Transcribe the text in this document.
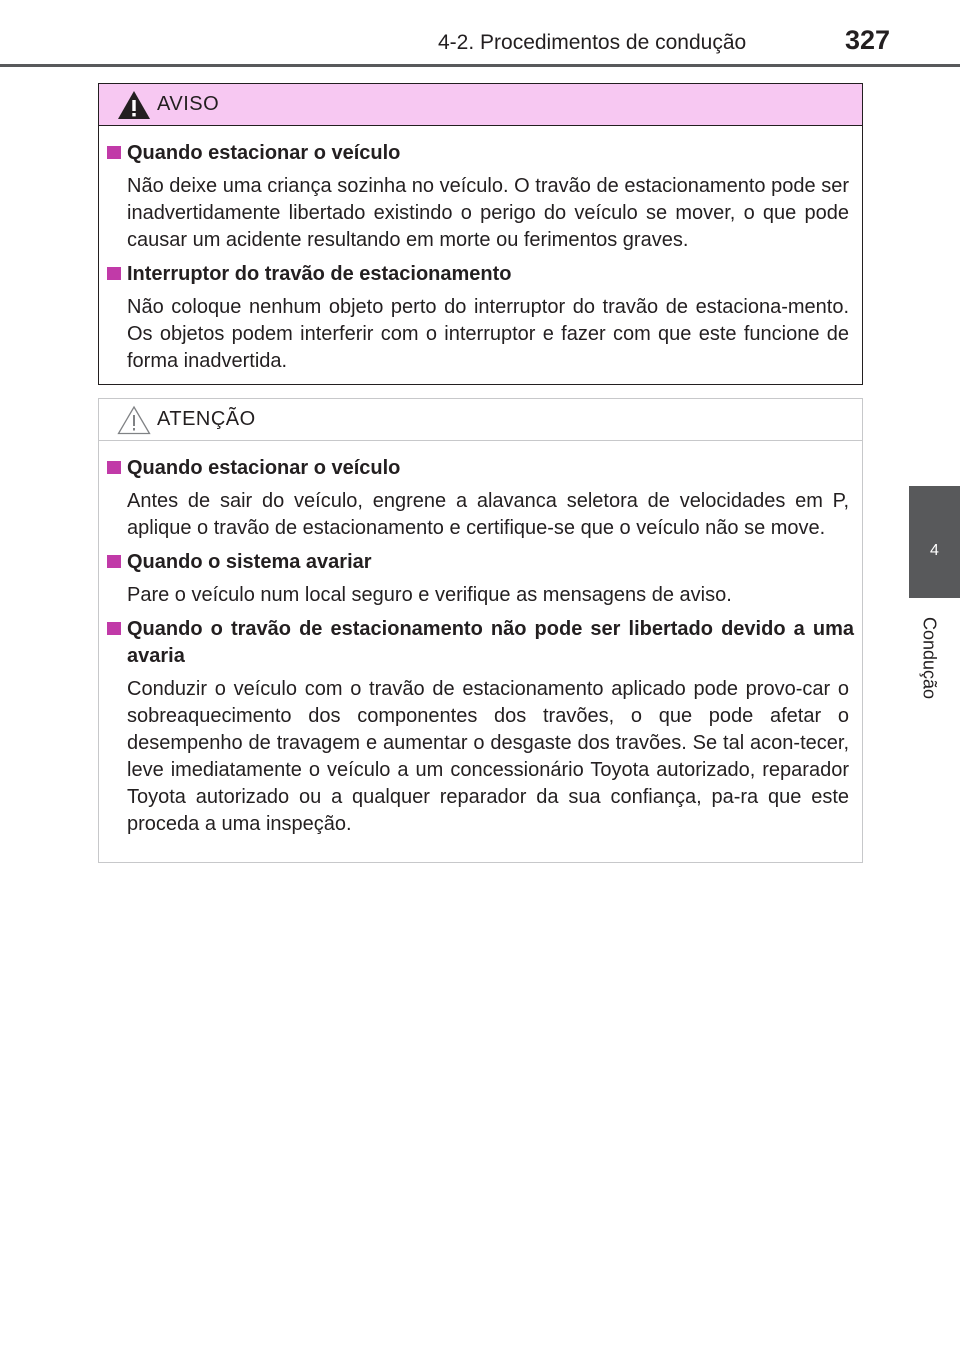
4-2. Procedimentos de condução	327
4
Condução
AVISO
Quando estacionar o veículo

Não deixe uma criança sozinha no veículo. O travão de estacionamento pode ser inadvertidamente libertado existindo o perigo do veículo se mover, o que pode causar um acidente resultando em morte ou ferimentos graves.

Interruptor do travão de estacionamento

Não coloque nenhum objeto perto do interruptor do travão de estaciona-mento. Os objetos podem interferir com o interruptor e fazer com que este funcione de forma inadvertida.

ATENÇÃO
Quando estacionar o veículo

Antes de sair do veículo, engrene a alavanca seletora de velocidades em P, aplique o travão de estacionamento e certifique-se que o veículo não se move.

Quando o sistema avariar

Pare o veículo num local seguro e verifique as mensagens de aviso.

Quando o travão de estacionamento não pode ser libertado devido a uma avaria

Conduzir o veículo com o travão de estacionamento aplicado pode provo-car o sobreaquecimento dos componentes dos travões, o que pode afetar o desempenho de travagem e aumentar o desgaste dos travões. Se tal acon-tecer, leve imediatamente o veículo a um concessionário Toyota autorizado, reparador Toyota autorizado ou a qualquer reparador da sua confiança, pa-ra que este proceda a uma inspeção.
